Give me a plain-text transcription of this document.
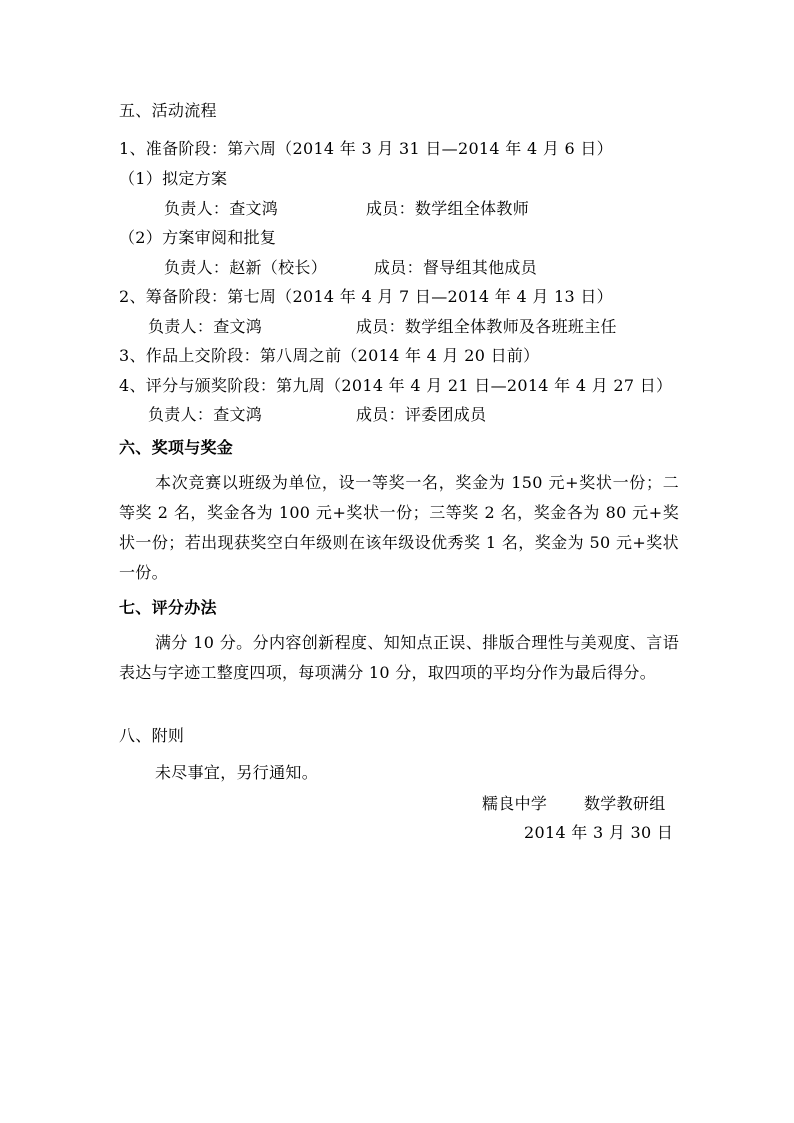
五、活动流程
1、准备阶段：第六周（2014 年 3 月 31 日—2014 年 4 月 6 日）
（1）拟定方案
负责人：查文鸿	成员：数学组全体教师
（2）方案审阅和批复
负责人：赵新（校长）	成员：督导组其他成员
2、筹备阶段：第七周（2014 年 4 月 7 日—2014 年 4 月 13 日）
负责人：查文鸿	成员：数学组全体教师及各班班主任
3、作品上交阶段：第八周之前（2014 年 4 月 20 日前）
4、评分与颁奖阶段：第九周（2014 年 4 月 21 日—2014 年 4 月 27 日）
负责人：查文鸿	成员：评委团成员
六、奖项与奖金
本次竞赛以班级为单位，设一等奖一名，奖金为 150 元+奖状一份；二等奖 2 名，奖金各为 100 元+奖状一份；三等奖 2 名，奖金各为 80 元+奖状一份；若出现获奖空白年级则在该年级设优秀奖 1 名，奖金为 50 元+奖状一份。
七、评分办法
满分 10 分。分内容创新程度、知知点正误、排版合理性与美观度、言语表达与字迹工整度四项，每项满分 10 分，取四项的平均分作为最后得分。
八、附则
未尽事宜，另行通知。
糯良中学 数学教研组
2014 年 3 月 30 日
